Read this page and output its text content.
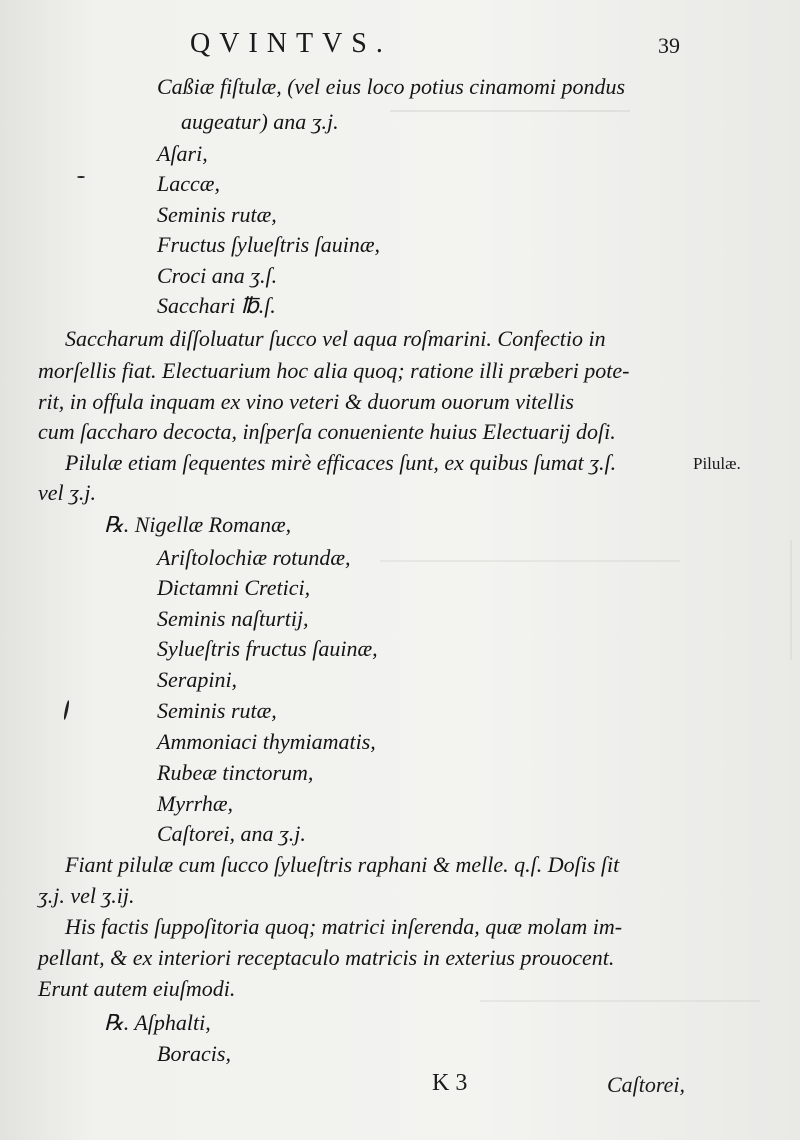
QVINTVS.	39
Caßiæ fiſtulæ, (vel eius loco potius cinamomi pondus
augeatur) ana ʒ.j.
Aſari,
Laccæ,
Seminis rutæ,
Fructus ſylueſtris ſauinæ,
Croci ana ʒ.ſ.
Sacchari ℔.ſ.
Saccharum diſſoluatur ſucco vel aqua roſmarini. Confectio in
morſellis fiat. Electuarium hoc alia quoq; ratione illi præberi pote-
rit, in offula inquam ex vino veteri & duorum ouorum vitellis
cum ſaccharo decocta, inſperſa conueniente huius Electuarij doſi.
Pilulæ etiam ſequentes mirè efficaces ſunt, ex quibus ſumat ʒ.ſ.	Pilulæ.
vel ʒ.j.
℞. Nigellæ Romanæ,
Ariſtolochiæ rotundæ,
Dictamni Cretici,
Seminis naſturtij,
Sylueſtris fructus ſauinæ,
Serapini,
Seminis rutæ,
Ammoniaci thymiamatis,
Rubeæ tinctorum,
Myrrhæ,
Caſtorei, ana ʒ.j.
Fiant pilulæ cum ſucco ſylueſtris raphani & melle. q.ſ. Doſis ſit
ʒ.j. vel ʒ.ij.
His factis ſuppoſitoria quoq; matrici inſerenda, quæ molam im-
pellant, & ex interiori receptaculo matricis in exterius prouocent.
Erunt autem eiuſmodi.
℞. Aſphalti,
Boracis,
K 3	Caſtorei,
